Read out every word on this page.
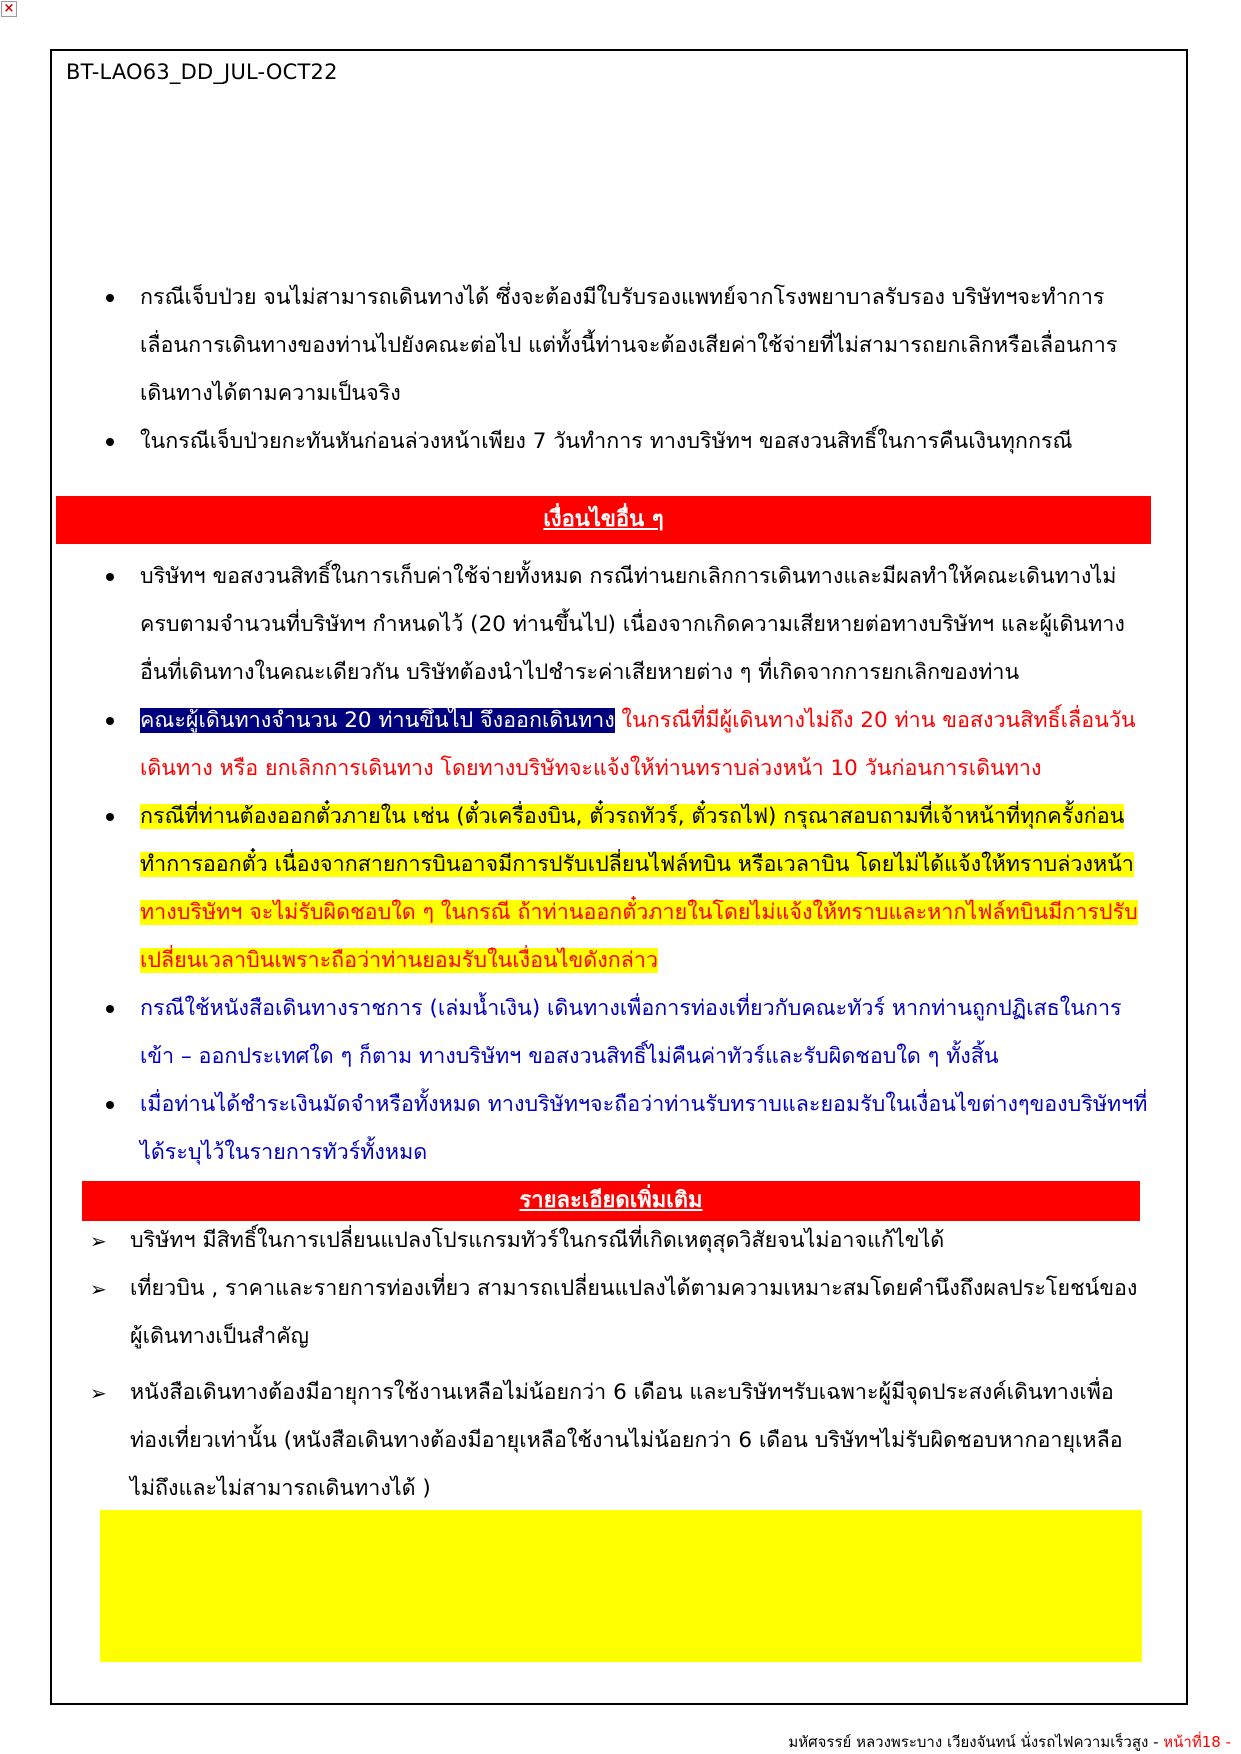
×
BT-LAO63_DD_JUL-OCT22
กรณีเจ็บป่วย จนไม่สามารถเดินทางได้ ซึ่งจะต้องมีใบรับรองแพทย์จากโรงพยาบาลรับรอง บริษัทฯจะทำการเลื่อนการเดินทางของท่านไปยังคณะต่อไป แต่ทั้งนี้ท่านจะต้องเสียค่าใช้จ่ายที่ไม่สามารถยกเลิกหรือเลื่อนการเดินทางได้ตามความเป็นจริง
ในกรณีเจ็บป่วยกะทันหันก่อนล่วงหน้าเพียง 7 วันทำการ ทางบริษัทฯ ขอสงวนสิทธิ์ในการคืนเงินทุกกรณี
เงื่อนไขอื่น ๆ
บริษัทฯ ขอสงวนสิทธิ์ในการเก็บค่าใช้จ่ายทั้งหมด กรณีท่านยกเลิกการเดินทางและมีผลทำให้คณะเดินทางไม่ครบตามจำนวนที่บริษัทฯ กำหนดไว้ (20 ท่านขึ้นไป) เนื่องจากเกิดความเสียหายต่อทางบริษัทฯ และผู้เดินทางอื่นที่เดินทางในคณะเดียวกัน บริษัทต้องนำไปชำระค่าเสียหายต่าง ๆ ที่เกิดจากการยกเลิกของท่าน
คณะผู้เดินทางจำนวน 20 ท่านขึ้นไป จึงออกเดินทาง ในกรณีที่มีผู้เดินทางไม่ถึง 20 ท่าน ขอสงวนสิทธิ์เลื่อนวันเดินทาง หรือ ยกเลิกการเดินทาง โดยทางบริษัทจะแจ้งให้ท่านทราบล่วงหน้า 10 วันก่อนการเดินทาง
กรณีที่ท่านต้องออกตั๋วภายใน เช่น (ตั๋วเครื่องบิน, ตั๋วรถทัวร์, ตั๋วรถไฟ) กรุณาสอบถามที่เจ้าหน้าที่ทุกครั้งก่อนทำการออกตั๋ว เนื่องจากสายการบินอาจมีการปรับเปลี่ยนไฟล์ทบิน หรือเวลาบิน โดยไม่ได้แจ้งให้ทราบล่วงหน้า ทางบริษัทฯ จะไม่รับผิดชอบใด ๆ ในกรณี ถ้าท่านออกตั๋วภายในโดยไม่แจ้งให้ทราบและหากไฟล์ทบินมีการปรับเปลี่ยนเวลาบินเพราะถือว่าท่านยอมรับในเงื่อนไขดังกล่าว
กรณีใช้หนังสือเดินทางราชการ (เล่มน้ำเงิน) เดินทางเพื่อการท่องเที่ยวกับคณะทัวร์ หากท่านถูกปฏิเสธในการเข้า – ออกประเทศใด ๆ ก็ตาม ทางบริษัทฯ ขอสงวนสิทธิ์ไม่คืนค่าทัวร์และรับผิดชอบใด ๆ ทั้งสิ้น
เมื่อท่านได้ชำระเงินมัดจำหรือทั้งหมด ทางบริษัทฯจะถือว่าท่านรับทราบและยอมรับในเงื่อนไขต่างๆของบริษัทฯที่ได้ระบุไว้ในรายการทัวร์ทั้งหมด
รายละเอียดเพิ่มเติม
➢	บริษัทฯ มีสิทธิ์ในการเปลี่ยนแปลงโปรแกรมทัวร์ในกรณีที่เกิดเหตุสุดวิสัยจนไม่อาจแก้ไขได้
➢	เที่ยวบิน , ราคาและรายการท่องเที่ยว สามารถเปลี่ยนแปลงได้ตามความเหมาะสมโดยคำนึงถึงผลประโยชน์ของผู้เดินทางเป็นสำคัญ
➢	หนังสือเดินทางต้องมีอายุการใช้งานเหลือไม่น้อยกว่า 6 เดือน และบริษัทฯรับเฉพาะผู้มีจุดประสงค์เดินทางเพื่อท่องเที่ยวเท่านั้น (หนังสือเดินทางต้องมีอายุเหลือใช้งานไม่น้อยกว่า 6 เดือน บริษัทฯไม่รับผิดชอบหากอายุเหลือไม่ถึงและไม่สามารถเดินทางได้ )
มหัศจรรย์ หลวงพระบาง เวียงจันทน์ นั่งรถไฟความเร็วสูง - หน้าที่18 -
